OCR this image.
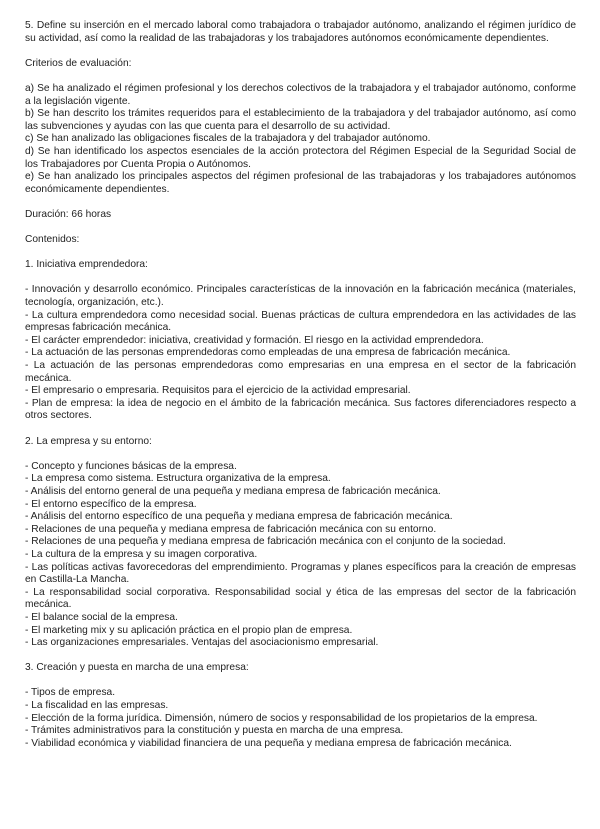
5. Define su inserción en el mercado laboral como trabajadora o trabajador autónomo, analizando el régimen jurídico de su actividad, así como la realidad de las trabajadoras y los trabajadores autónomos económicamente dependientes.

Criterios de evaluación:

a) Se ha analizado el régimen profesional y los derechos colectivos de la trabajadora y el trabajador autónomo, conforme a la legislación vigente.
b) Se han descrito los trámites requeridos para el establecimiento de la trabajadora y del trabajador autónomo, así como las subvenciones y ayudas con las que cuenta para el desarrollo de su actividad.
c) Se han analizado las obligaciones fiscales de la trabajadora y del trabajador autónomo.
d) Se han identificado los aspectos esenciales de la acción protectora del Régimen Especial de la Seguridad Social de los Trabajadores por Cuenta Propia o Autónomos.
e) Se han analizado los principales aspectos del régimen profesional de las trabajadoras y los trabajadores autónomos económicamente dependientes.

Duración: 66 horas

Contenidos:

1. Iniciativa emprendedora:

- Innovación y desarrollo económico. Principales características de la innovación en la fabricación mecánica (materiales, tecnología, organización, etc.).
- La cultura emprendedora como necesidad social. Buenas prácticas de cultura emprendedora en las actividades de las empresas fabricación mecánica.
- El carácter emprendedor: iniciativa, creatividad y formación. El riesgo en la actividad emprendedora.
- La actuación de las personas emprendedoras como empleadas de una empresa de fabricación mecánica.
- La actuación de las personas emprendedoras como empresarias en una empresa en el sector de la fabricación mecánica.
- El empresario o empresaria. Requisitos para el ejercicio de la actividad empresarial.
- Plan de empresa: la idea de negocio en el ámbito de la fabricación mecánica. Sus factores diferenciadores respecto a otros sectores.

2. La empresa y su entorno:

- Concepto y funciones básicas de la empresa.
- La empresa como sistema. Estructura organizativa de la empresa.
- Análisis del entorno general de una pequeña y mediana empresa de fabricación mecánica.
- El entorno específico de la empresa.
- Análisis del entorno específico de una pequeña y mediana empresa de fabricación mecánica.
- Relaciones de una pequeña y mediana empresa de fabricación mecánica con su entorno.
- Relaciones de una pequeña y mediana empresa de fabricación mecánica con el conjunto de la sociedad.
- La cultura de la empresa y su imagen corporativa.
- Las políticas activas favorecedoras del emprendimiento. Programas y planes específicos para la creación de empresas en Castilla-La Mancha.
- La responsabilidad social corporativa. Responsabilidad social y ética de las empresas del sector de la fabricación mecánica.
- El balance social de la empresa.
- El marketing mix y su aplicación práctica en el propio plan de empresa.
- Las organizaciones empresariales. Ventajas del asociacionismo empresarial.

3. Creación y puesta en marcha de una empresa:

- Tipos de empresa.
- La fiscalidad en las empresas.
- Elección de la forma jurídica. Dimensión, número de socios y responsabilidad de los propietarios de la empresa.
- Trámites administrativos para la constitución y puesta en marcha de una empresa.
- Viabilidad económica y viabilidad financiera de una pequeña y mediana empresa de fabricación mecánica.
